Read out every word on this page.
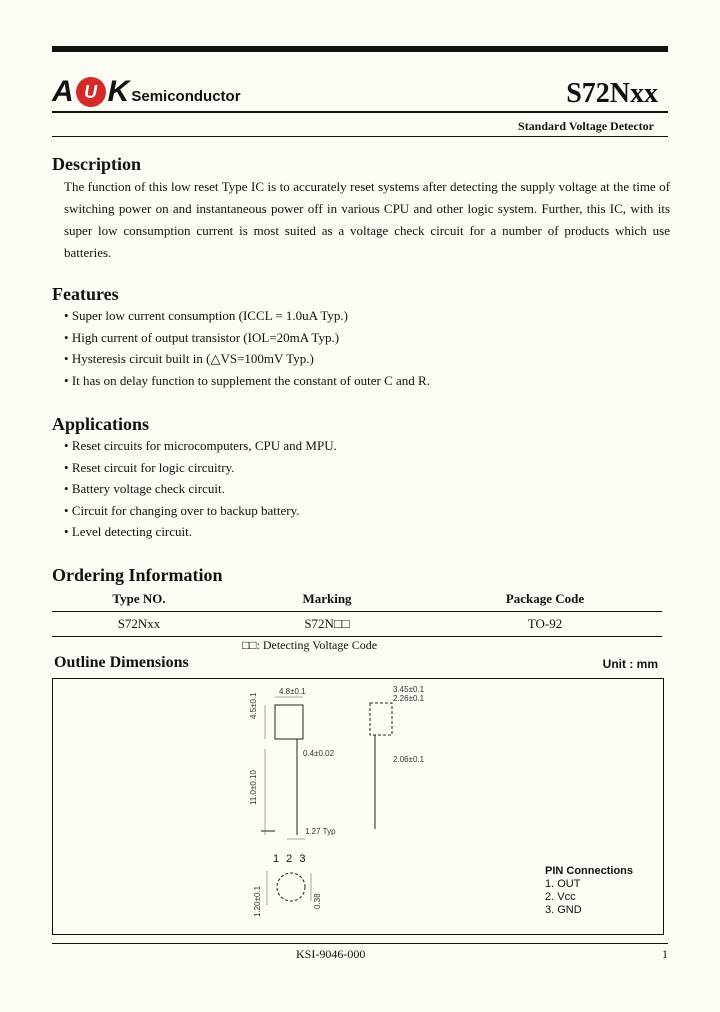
A U K Semiconductor	S72Nxx
Standard Voltage Detector
Description
The function of this low reset Type IC is to accurately reset systems after detecting the supply voltage at the time of switching power on and instantaneous power off in various CPU and other logic system. Further, this IC, with its super low consumption current is most suited as a voltage check circuit for a number of products which use batteries.
Features
• Super low current consumption (ICCL = 1.0uA Typ.)
• High current of output transistor (IOL=20mA Typ.)
• Hysteresis circuit built in (△VS=100mV Typ.)
• It has on delay function to supplement the constant of outer C and R.
Applications
• Reset circuits for microcomputers, CPU and MPU.
• Reset circuit for logic circuitry.
• Battery voltage check circuit.
• Circuit for changing over to backup battery.
• Level detecting circuit.
Ordering Information
Type NO.	Marking	Package Code
S72Nxx	S72N□□	TO-92
□□: Detecting Voltage Code
Outline Dimensions	Unit : mm
4.8±0.1
4.5±0.1
0.4±0.02
11.0±0.10
1.27 Typ
3.45±0.1
2.26±0.1
2.06±0.1
1 2 3
1.20±0.1	0.38
PIN Connections
1. OUT
2. Vcc
3. GND
KSI-9046-000	1
